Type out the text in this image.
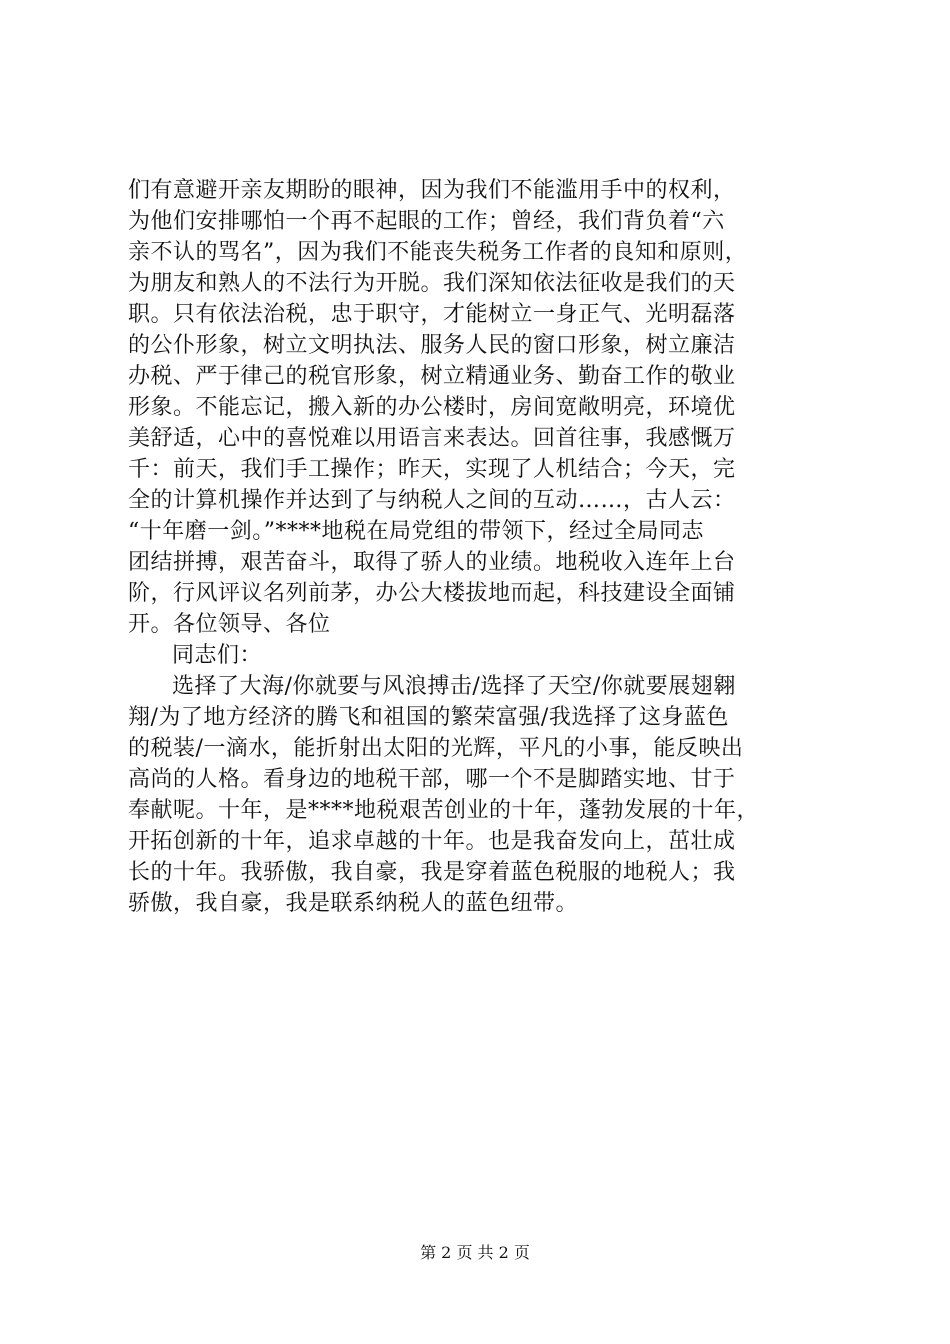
们有意避开亲友期盼的眼神，因为我们不能滥用手中的权利，
为他们安排哪怕一个再不起眼的工作；曾经，我们背负着“六
亲不认的骂名”，因为我们不能丧失税务工作者的良知和原则，
为朋友和熟人的不法行为开脱。我们深知依法征收是我们的天
职。只有依法治税，忠于职守，才能树立一身正气、光明磊落
的公仆形象，树立文明执法、服务人民的窗口形象，树立廉洁
办税、严于律己的税官形象，树立精通业务、勤奋工作的敬业
形象。不能忘记，搬入新的办公楼时，房间宽敞明亮，环境优
美舒适，心中的喜悦难以用语言来表达。回首往事，我感慨万
千：前天，我们手工操作；昨天，实现了人机结合；今天，完
全的计算机操作并达到了与纳税人之间的互动……，古人云：
“十年磨一剑。”****地税在局党组的带领下，经过全局同志
团结拼搏，艰苦奋斗，取得了骄人的业绩。地税收入连年上台
阶，行风评议名列前茅，办公大楼拔地而起，科技建设全面铺
开。各位领导、各位
同志们：
选择了大海/你就要与风浪搏击/选择了天空/你就要展翅翱
翔/为了地方经济的腾飞和祖国的繁荣富强/我选择了这身蓝色
的税装/一滴水，能折射出太阳的光辉，平凡的小事，能反映出
高尚的人格。看身边的地税干部，哪一个不是脚踏实地、甘于
奉献呢。十年，是****地税艰苦创业的十年，蓬勃发展的十年，
开拓创新的十年，追求卓越的十年。也是我奋发向上，茁壮成
长的十年。我骄傲，我自豪，我是穿着蓝色税服的地税人；我
骄傲，我自豪，我是联系纳税人的蓝色纽带。
第 2 页 共 2 页
